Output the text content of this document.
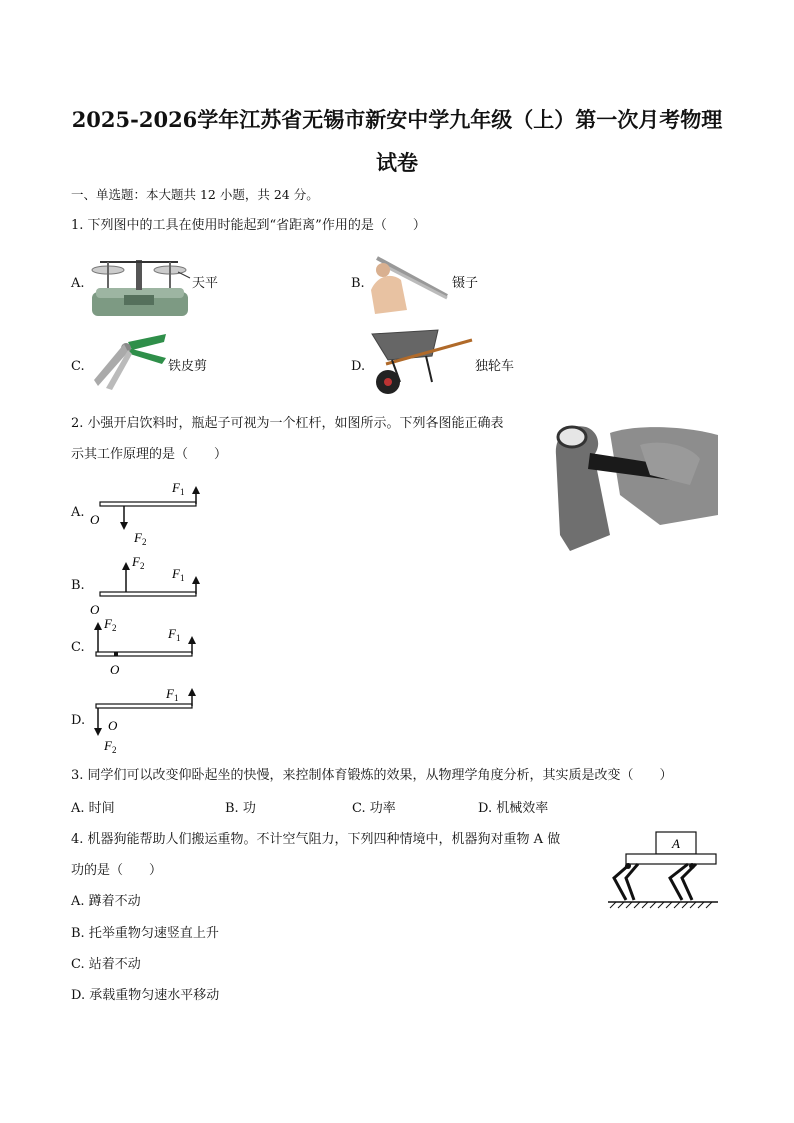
2025-2026学年江苏省无锡市新安中学九年级（上）第一次月考物理
试卷
一、单选题：本大题共 12 小题，共 24 分。
1. 下列图中的工具在使用时能起到“省距离”作用的是（　　）
A.	天平	B.	镊子
C.	铁皮剪	D.	独轮车
2. 小强开启饮料时，瓶起子可视为一个杠杆，如图所示。下列各图能正确表
示其工作原理的是（　　）
A.
$F_1$
O
$F_2$
B.
$F_2$ $F_1$
O
C.
$F_2$	$F_1$
O
D.
$F_1$
O
$F_2$
3. 同学们可以改变仰卧起坐的快慢，来控制体育锻炼的效果，从物理学角度分析，其实质是改变（　　）
A. 时间	B. 功	C. 功率	D. 机械效率
4. 机器狗能帮助人们搬运重物。不计空气阻力，下列四种情境中，机器狗对重物 A 做
功的是（　　）
A
A. 蹲着不动
B. 托举重物匀速竖直上升
C. 站着不动
D. 承载重物匀速水平移动
